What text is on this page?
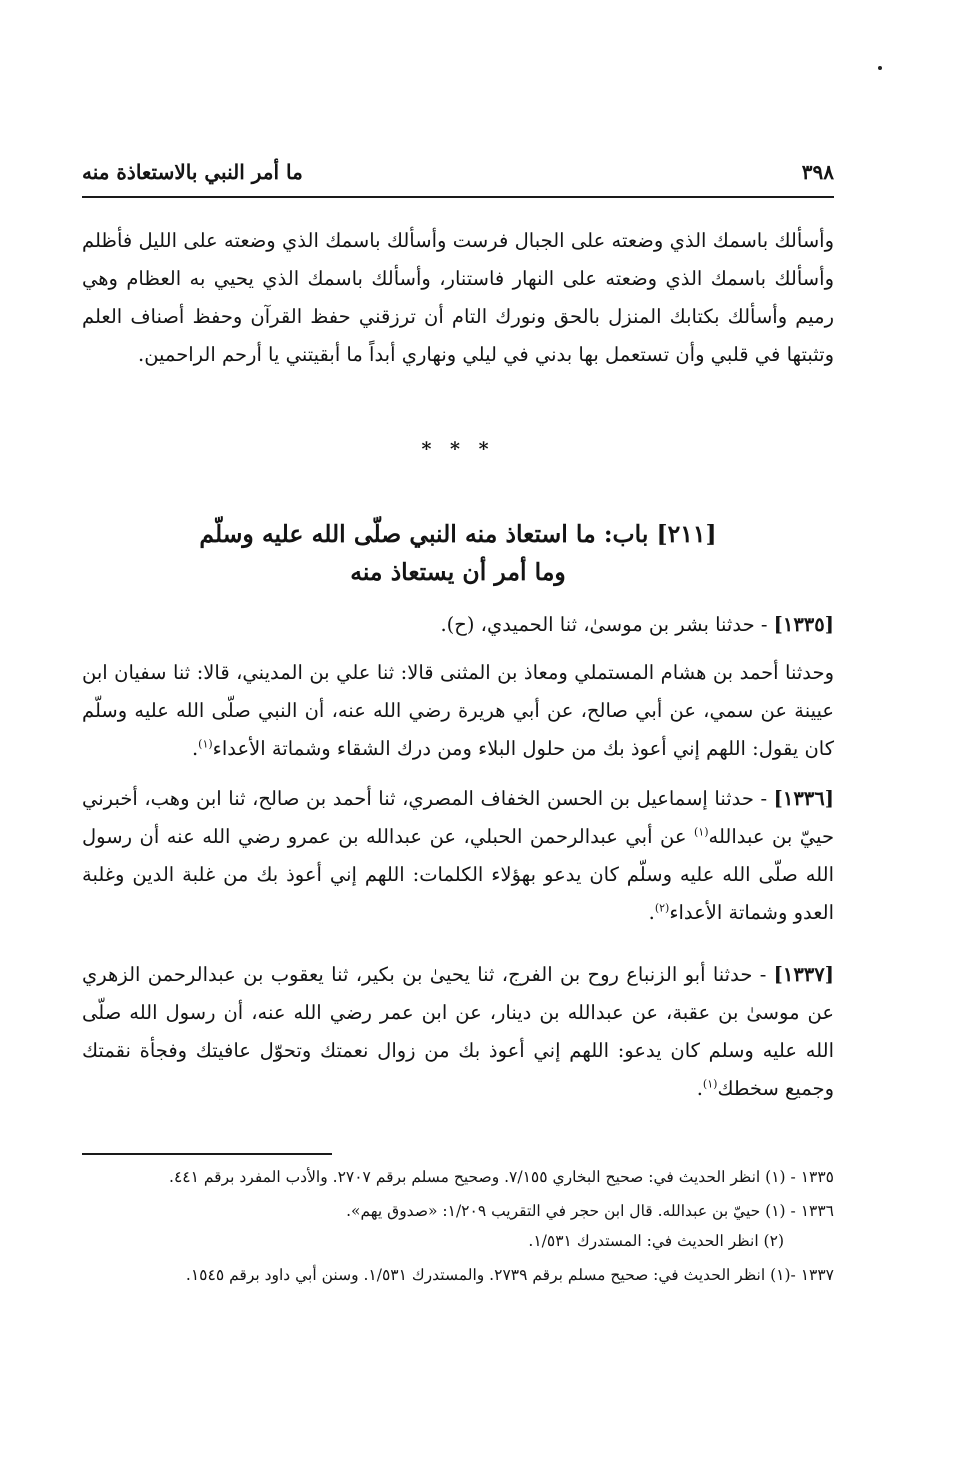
٣٩٨
ما أمر النبي بالاستعاذة منه

وأسألك باسمك الذي وضعته على الجبال فرست وأسألك باسمك الذي وضعته على الليل فأظلم وأسألك باسمك الذي وضعته على النهار فاستنار، وأسألك باسمك الذي يحيي به العظام وهي رميم وأسألك بكتابك المنزل بالحق ونورك التام أن ترزقني حفظ القرآن وحفظ أصناف العلم وتثبتها في قلبي وأن تستعمل بها بدني في ليلي ونهاري أبداً ما أبقيتني يا أرحم الراحمين.

* * *
[٢١١] باب: ما استعاذ منه النبي صلّى الله عليه وسلّم
وما أمر أن يستعاذ منه

[١٣٣٥] - حدثنا بشر بن موسىٰ، ثنا الحميدي، (ح).

وحدثنا أحمد بن هشام المستملي ومعاذ بن المثنى قالا: ثنا علي بن المديني، قالا: ثنا سفيان ابن عيينة عن سمي، عن أبي صالح، عن أبي هريرة رضي الله عنه، أن النبي صلّى الله عليه وسلّم كان يقول: اللهم إني أعوذ بك من حلول البلاء ومن درك الشقاء وشماتة الأعداء$^{(١)}$.

[١٣٣٦] - حدثنا إسماعيل بن الحسن الخفاف المصري، ثنا أحمد بن صالح، ثنا ابن وهب، أخبرني حييّ بن عبدالله$^{(١)}$ عن أبي عبدالرحمن الحبلي، عن عبدالله بن عمرو رضي الله عنه أن رسول الله صلّى الله عليه وسلّم كان يدعو بهؤلاء الكلمات: اللهم إني أعوذ بك من غلبة الدين وغلبة العدو وشماتة الأعداء$^{(٢)}$.

[١٣٣٧] - حدثنا أبو الزنباع روح بن الفرج، ثنا يحيىٰ بن بكير، ثنا يعقوب بن عبدالرحمن الزهري عن موسىٰ بن عقبة، عن عبدالله بن دينار، عن ابن عمر رضي الله عنه، أن رسول الله صلّى الله عليه وسلم كان يدعو: اللهم إني أعوذ بك من زوال نعمتك وتحوّل عافيتك وفجأة نقمتك وجميع سخطك$^{(١)}$.

١٣٣٥ - (١) انظر الحديث في: صحيح البخاري ٧/١٥٥. وصحيح مسلم برقم ٢٧٠٧. والأدب المفرد برقم ٤٤١.

١٣٣٦ - (١) حييّ بن عبدالله. قال ابن حجر في التقريب ١/٢٠٩: «صدوق يهم».
(٢) انظر الحديث في: المستدرك ١/٥٣١.

١٣٣٧ -(١) انظر الحديث في: صحيح مسلم برقم ٢٧٣٩. والمستدرك ١/٥٣١. وسنن أبي داود برقم ١٥٤٥.
